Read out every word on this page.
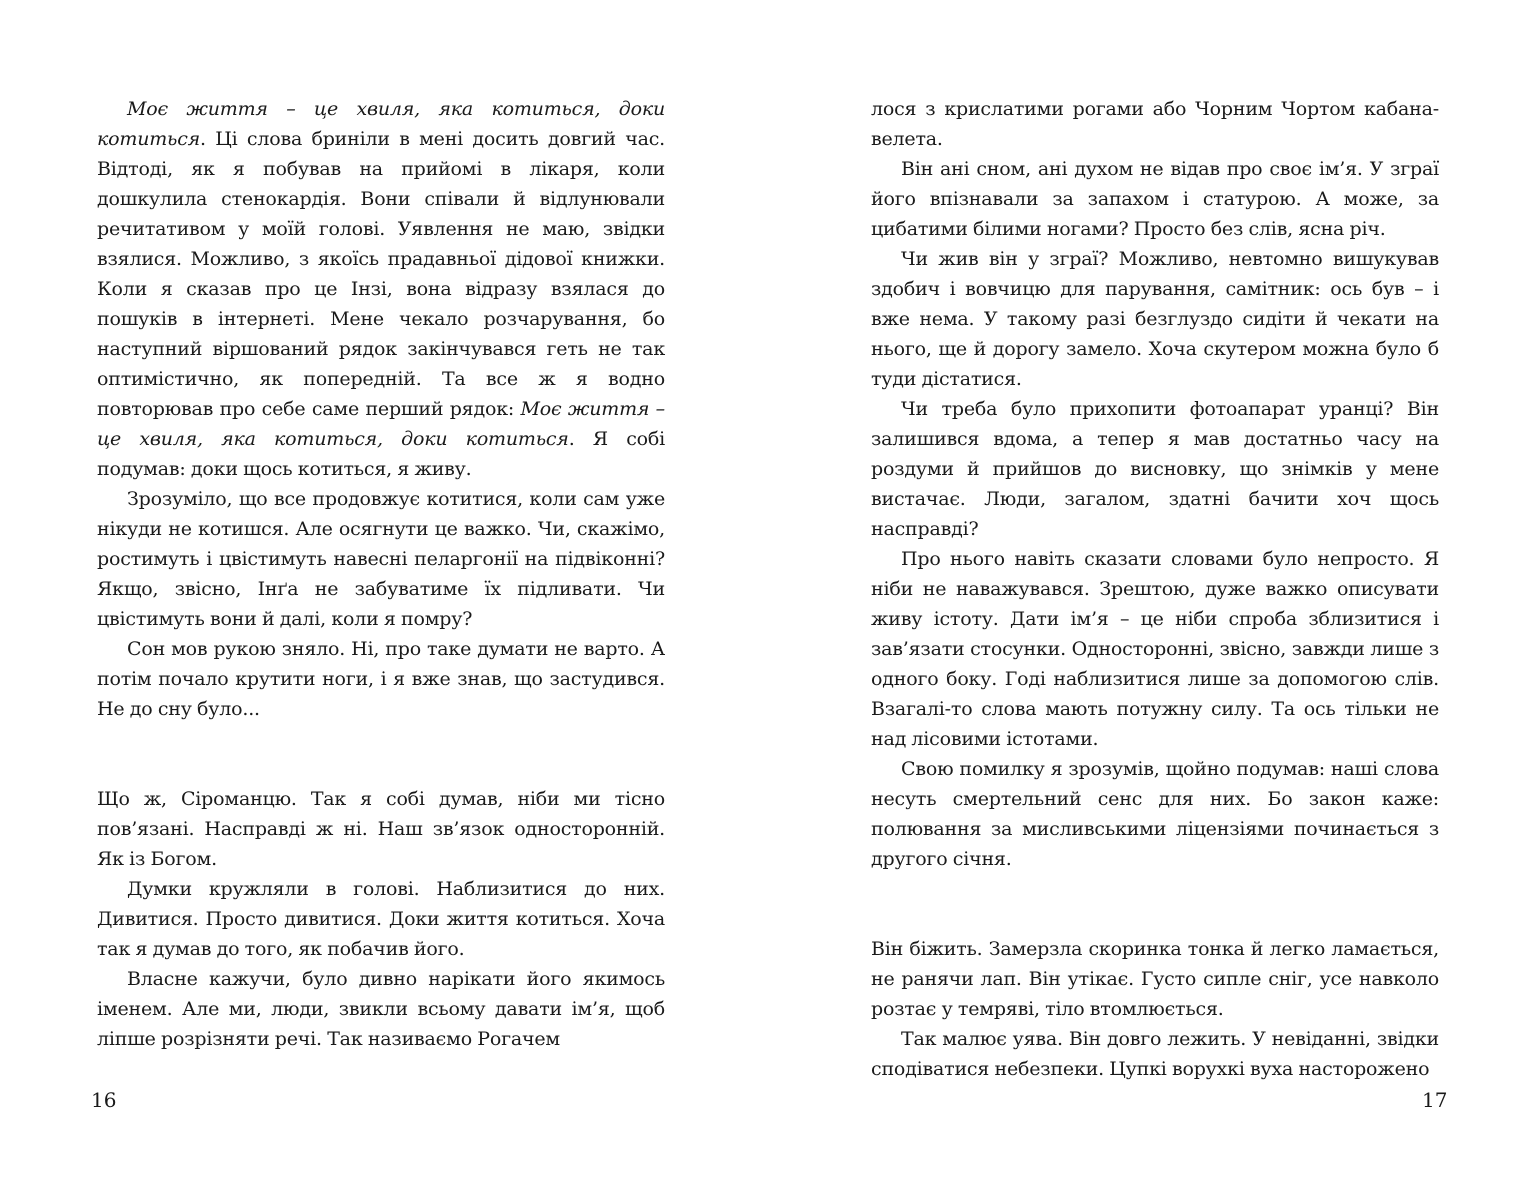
Моє життя – це хвиля, яка котиться, доки котиться. Ці слова бриніли в мені досить довгий час. Відтоді, як я побував на прийомі в лікаря, коли дошкулила стенокардія. Вони співали й відлунювали речитативом у моїй голові. Уявлення не маю, звідки взялися. Можливо, з якоїсь прадавньої дідової книжки. Коли я сказав про це Інзі, вона відразу взялася до пошуків в інтернеті. Мене чекало розчарування, бо наступний віршований рядок закінчувався геть не так оптимістично, як попередній. Та все ж я водно повторював про себе саме перший рядок: Моє життя – це хвиля, яка котиться, доки котиться. Я собі подумав: доки щось котиться, я живу.

Зрозуміло, що все продовжує котитися, коли сам уже нікуди не котишся. Але осягнути це важко. Чи, скажімо, ростимуть і цвістимуть навесні пеларгонії на підвіконні? Якщо, звісно, Інґа не забуватиме їх підливати. Чи цвістимуть вони й далі, коли я помру?

Сон мов рукою зняло. Ні, про таке думати не варто. А потім почало крутити ноги, і я вже знав, що застудився. Не до сну було...

Що ж, Сіроманцю. Так я собі думав, ніби ми тісно пов’язані. Насправді ж ні. Наш зв’язок односторонній. Як із Богом.

Думки кружляли в голові. Наблизитися до них. Дивитися. Просто дивитися. Доки життя котиться. Хоча так я думав до того, як побачив його.

Власне кажучи, було дивно нарікати його якимось іменем. Але ми, люди, звикли всьому давати ім’я, щоб ліпше розрізняти речі. Так називаємо Рогачем

16

лося з крислатими рогами або Чорним Чортом кабана-велета.

Він ані сном, ані духом не відав про своє ім’я. У зграї його впізнавали за запахом і статурою. А може, за цибатими білими ногами? Просто без слів, ясна річ.

Чи жив він у зграї? Можливо, невтомно вишукував здобич і вовчицю для парування, самітник: ось був – і вже нема. У такому разі безглуздо сидіти й чекати на нього, ще й дорогу замело. Хоча скутером можна було б туди дістатися.

Чи треба було прихопити фотоапарат уранці? Він залишився вдома, а тепер я мав достатньо часу на роздуми й прийшов до висновку, що знімків у мене вистачає. Люди, загалом, здатні бачити хоч щось насправді?

Про нього навіть сказати словами було непросто. Я ніби не наважувався. Зрештою, дуже важко описувати живу істоту. Дати ім’я – це ніби спроба зблизитися і зав’язати стосунки. Односторонні, звісно, завжди лише з одного боку. Годі наблизитися лише за допомогою слів. Взагалі-то слова мають потужну силу. Та ось тільки не над лісовими істотами.

Свою помилку я зрозумів, щойно подумав: наші слова несуть смертельний сенс для них. Бо закон каже: полювання за мисливськими ліцензіями починається з другого січня.

Він біжить. Замерзла скоринка тонка й легко ламається, не ранячи лап. Він утікає. Густо сипле сніг, усе навколо розтає у темряві, тіло втомлюється.

Так малює уява. Він довго лежить. У невіданні, звідки сподіватися небезпеки. Цупкі ворухкі вуха насторожено

17
